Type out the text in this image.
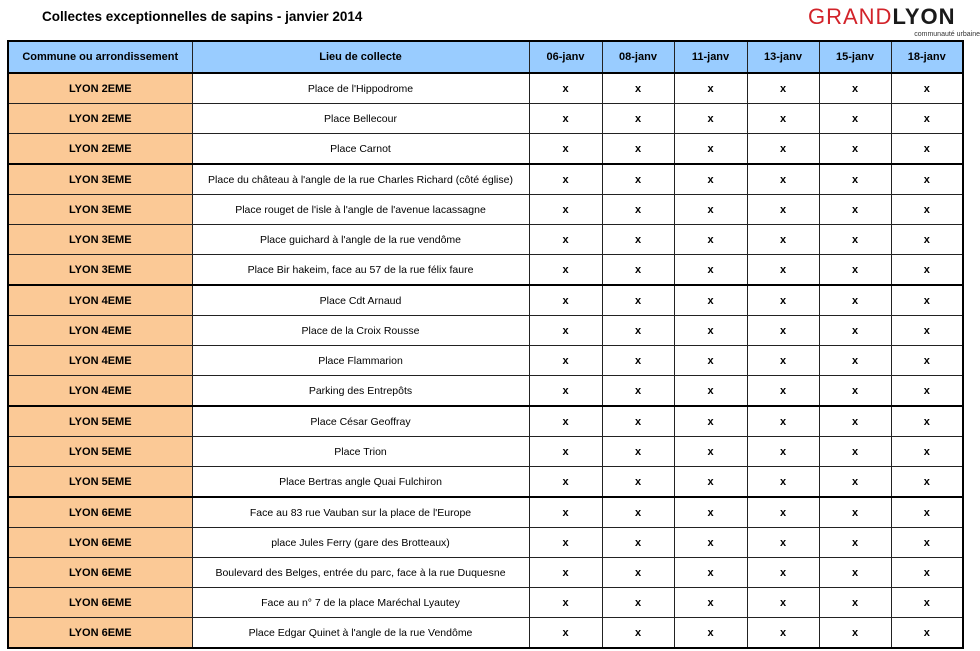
Collectes exceptionnelles de sapins - janvier 2014	GRANDLYON
communauté urbaine
Commune ou arrondissement	Lieu de collecte	06-janv	08-janv	11-janv	13-janv	15-janv	18-janv
LYON 2EME	Place de l'Hippodrome	x	x	x	x	x	x
LYON 2EME	Place Bellecour	x	x	x	x	x	x
LYON 2EME	Place Carnot	x	x	x	x	x	x
LYON 3EME	Place du château à l'angle de la rue Charles Richard (côté église)	x	x	x	x	x	x
LYON 3EME	Place rouget de l'isle à l'angle de l'avenue lacassagne	x	x	x	x	x	x
LYON 3EME	Place guichard à l'angle de la rue vendôme	x	x	x	x	x	x
LYON 3EME	Place Bir hakeim, face au 57 de la rue félix faure	x	x	x	x	x	x
LYON 4EME	Place Cdt Arnaud	x	x	x	x	x	x
LYON 4EME	Place de la Croix Rousse	x	x	x	x	x	x
LYON 4EME	Place Flammarion	x	x	x	x	x	x
LYON 4EME	Parking des Entrepôts	x	x	x	x	x	x
LYON 5EME	Place César Geoffray	x	x	x	x	x	x
LYON 5EME	Place Trion	x	x	x	x	x	x
LYON 5EME	Place Bertras angle Quai Fulchiron	x	x	x	x	x	x
LYON 6EME	Face au 83 rue Vauban sur la place de l'Europe	x	x	x	x	x	x
LYON 6EME	place Jules Ferry (gare des Brotteaux)	x	x	x	x	x	x
LYON 6EME	Boulevard des Belges, entrée du parc, face à la rue Duquesne	x	x	x	x	x	x
LYON 6EME	Face au n° 7 de la place Maréchal Lyautey	x	x	x	x	x	x
LYON 6EME	Place Edgar Quinet à l'angle de la rue Vendôme	x	x	x	x	x	x
